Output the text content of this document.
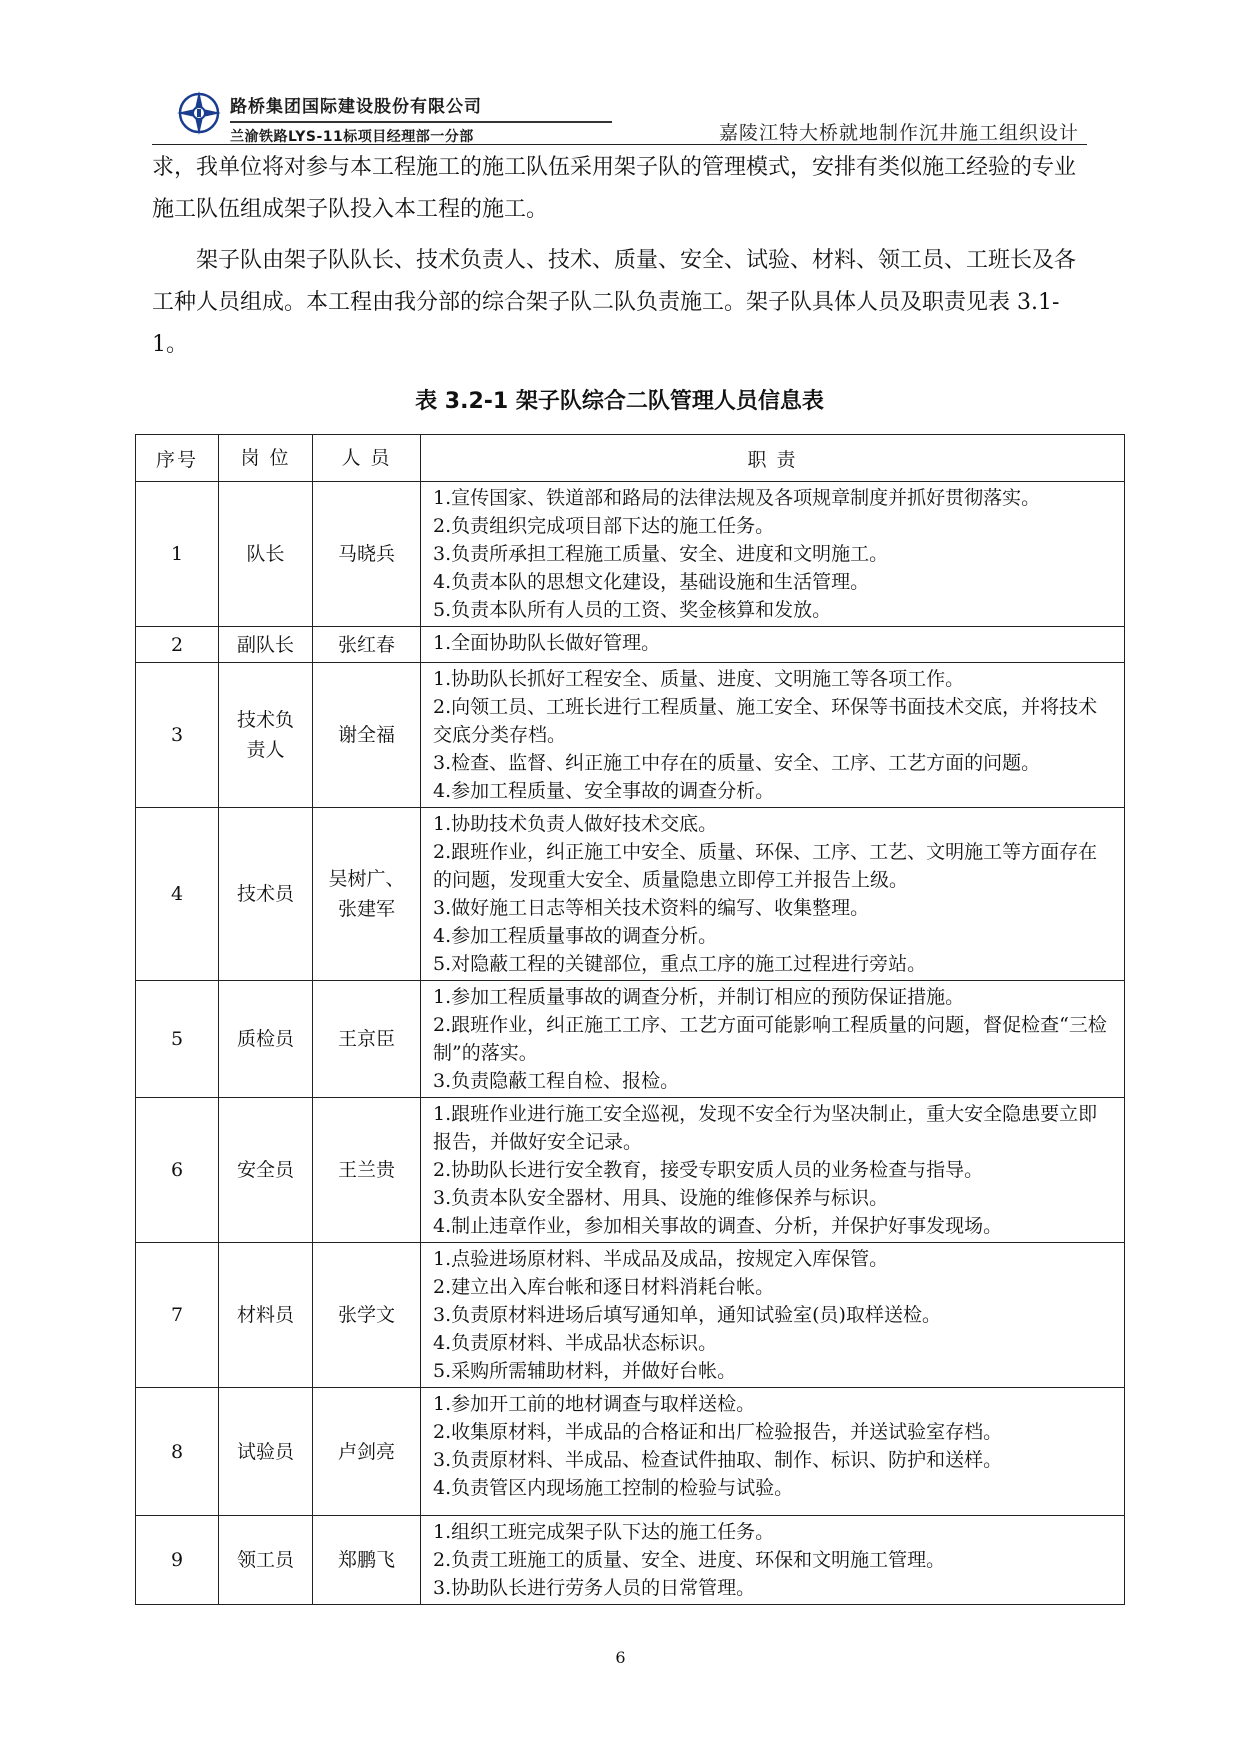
路桥集团国际建设股份有限公司
兰渝铁路LYS-11标项目经理部一分部	嘉陵江特大桥就地制作沉井施工组织设计
求，我单位将对参与本工程施工的施工队伍采用架子队的管理模式，安排有类似施工经验的专业施工队伍组成架子队投入本工程的施工。
架子队由架子队队长、技术负责人、技术、质量、安全、试验、材料、领工员、工班长及各工种人员组成。本工程由我分部的综合架子队二队负责施工。架子队具体人员及职责见表 3.1-1。
表 3.2-1 架子队综合二队管理人员信息表
序号	岗 位	人 员	职 责
1	队长	马晓兵	1.宣传国家、铁道部和路局的法律法规及各项规章制度并抓好贯彻落实。
2.负责组织完成项目部下达的施工任务。
3.负责所承担工程施工质量、安全、进度和文明施工。
4.负责本队的思想文化建设，基础设施和生活管理。
5.负责本队所有人员的工资、奖金核算和发放。

2	副队长	张红春	1.全面协助队长做好管理。

3	技术负责人	谢全福	1.协助队长抓好工程安全、质量、进度、文明施工等各项工作。
2.向领工员、工班长进行工程质量、施工安全、环保等书面技术交底，并将技术交底分类存档。
3.检查、监督、纠正施工中存在的质量、安全、工序、工艺方面的问题。
4.参加工程质量、安全事故的调查分析。

4	技术员	吴树广、张建军	1.协助技术负责人做好技术交底。
2.跟班作业，纠正施工中安全、质量、环保、工序、工艺、文明施工等方面存在的问题，发现重大安全、质量隐患立即停工并报告上级。
3.做好施工日志等相关技术资料的编写、收集整理。
4.参加工程质量事故的调查分析。
5.对隐蔽工程的关键部位，重点工序的施工过程进行旁站。

5	质检员	王京臣	1.参加工程质量事故的调查分析，并制订相应的预防保证措施。
2.跟班作业，纠正施工工序、工艺方面可能影响工程质量的问题，督促检查“三检制”的落实。
3.负责隐蔽工程自检、报检。

6	安全员	王兰贵	1.跟班作业进行施工安全巡视，发现不安全行为坚决制止，重大安全隐患要立即报告，并做好安全记录。
2.协助队长进行安全教育，接受专职安质人员的业务检查与指导。
3.负责本队安全器材、用具、设施的维修保养与标识。
4.制止违章作业，参加相关事故的调查、分析，并保护好事发现场。

7	材料员	张学文	1.点验进场原材料、半成品及成品，按规定入库保管。
2.建立出入库台帐和逐日材料消耗台帐。
3.负责原材料进场后填写通知单，通知试验室(员)取样送检。
4.负责原材料、半成品状态标识。
5.采购所需辅助材料，并做好台帐。

8	试验员	卢剑亮	1.参加开工前的地材调查与取样送检。
2.收集原材料，半成品的合格证和出厂检验报告，并送试验室存档。
3.负责原材料、半成品、检查试件抽取、制作、标识、防护和送样。
4.负责管区内现场施工控制的检验与试验。

9	领工员	郑鹏飞	1.组织工班完成架子队下达的施工任务。
2.负责工班施工的质量、安全、进度、环保和文明施工管理。
3.协助队长进行劳务人员的日常管理。
6
